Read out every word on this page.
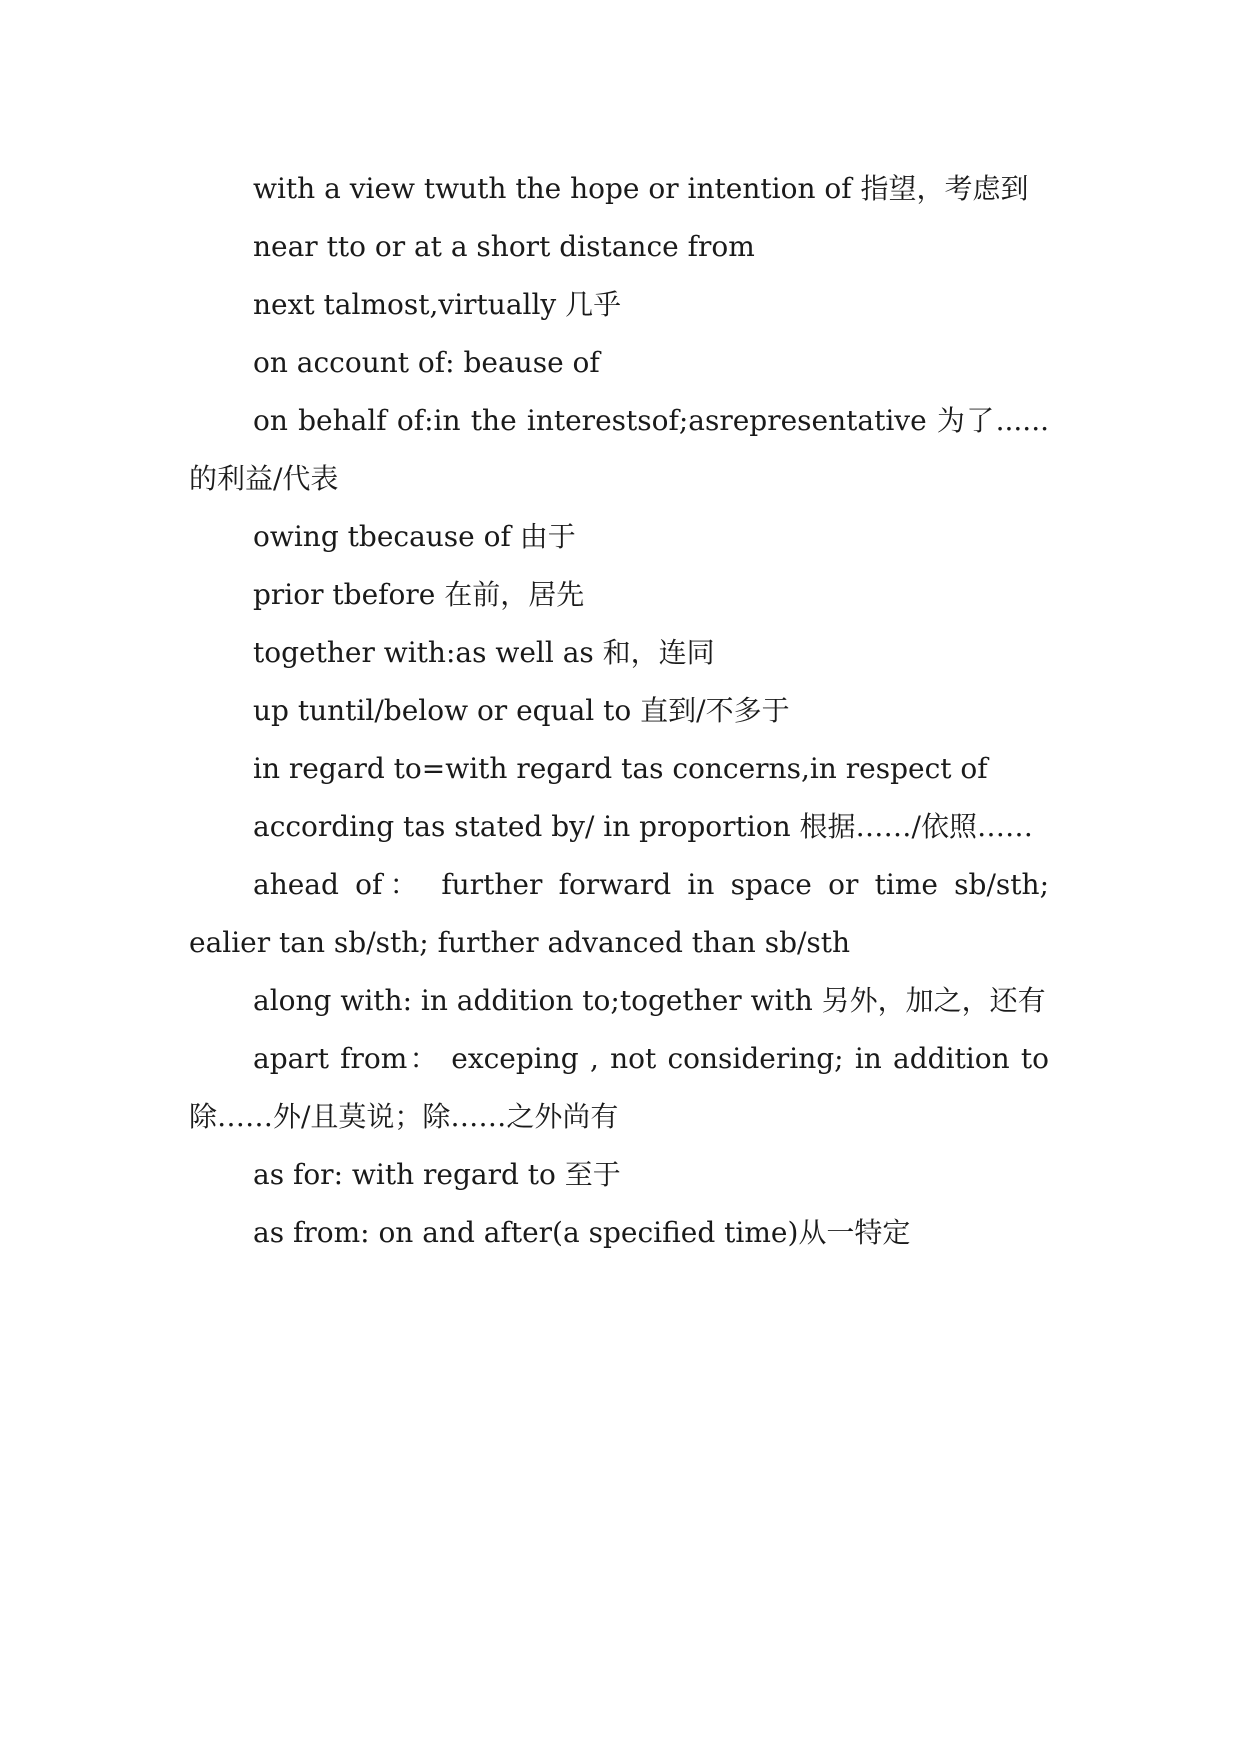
with a view twuth the hope or intention of 指望，考虑到

near tto or at a short distance from

next talmost,virtually 几乎

on account of: beause of

on behalf of:in the interestsof;asrepresentative 为了......的利益/代表

owing tbecause of 由于

prior tbefore 在前，居先

together with:as well as 和，连同

up tuntil/below or equal to 直到/不多于

in regard to=with regard tas concerns,in respect of

according tas stated by/ in proportion 根据……/依照……

ahead of： further forward in space or time sb/sth; ealier tan sb/sth; further advanced than sb/sth

along with: in addition to;together with 另外，加之，还有

apart from： exceping , not considering; in addition to 除……外/且莫说；除……之外尚有

as for: with regard to 至于

as from: on and after(a specified time)从一特定
